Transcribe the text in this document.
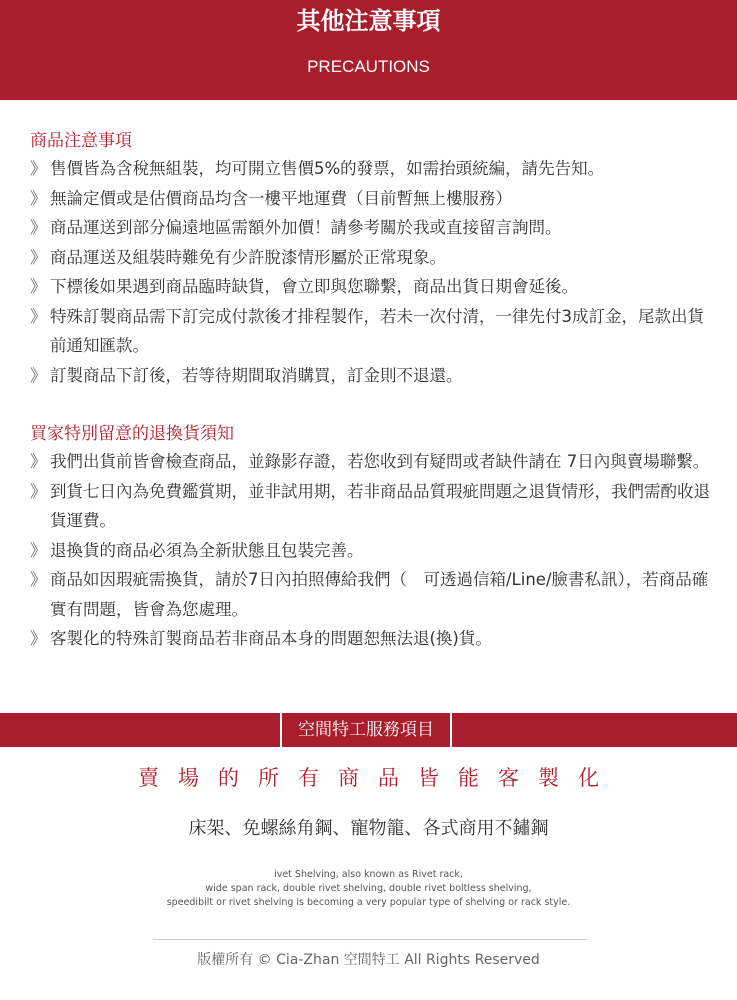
其他注意事項
PRECAUTIONS
商品注意事項
》 售價皆為含稅無組裝，均可開立售價5%的發票，如需抬頭統編，請先告知。
》 無論定價或是估價商品均含一樓平地運費（目前暫無上樓服務）
》 商品運送到部分偏遠地區需額外加價！請參考關於我或直接留言詢問。
》 商品運送及組裝時難免有少許脫漆情形屬於正常現象。
》 下標後如果遇到商品臨時缺貨，會立即與您聯繫，商品出貨日期會延後。
》 特殊訂製商品需下訂完成付款後才排程製作，若未一次付清，一律先付3成訂金，尾款出貨前通知匯款。
》 訂製商品下訂後，若等待期間取消購買，訂金則不退還。
買家特別留意的退換貨須知
》 我們出貨前皆會檢查商品，並錄影存證，若您收到有疑問或者缺件請在 7日內與賣場聯繫。
》 到貨七日內為免費鑑賞期，並非試用期，若非商品品質瑕疵問題之退貨情形，我們需酌收退貨運費。
》 退換貨的商品必須為全新狀態且包裝完善。
》 商品如因瑕疵需換貨，請於7日內拍照傳給我們（　可透過信箱/Line/臉書私訊），若商品確實有問題，皆會為您處理。
》 客製化的特殊訂製商品若非商品本身的問題恕無法退(換)貨。
空間特工服務項目
賣場的所有商品皆能客製化
床架、免螺絲角鋼、寵物籠、各式商用不鏽鋼
ivet Shelving, also known as Rivet rack,
wide span rack, double rivet shelving, double rivet boltless shelving,
speedibilt or rivet shelving is becoming a very popular type of shelving or rack style.
版權所有 © Cia-Zhan 空間特工 All Rights Reserved
